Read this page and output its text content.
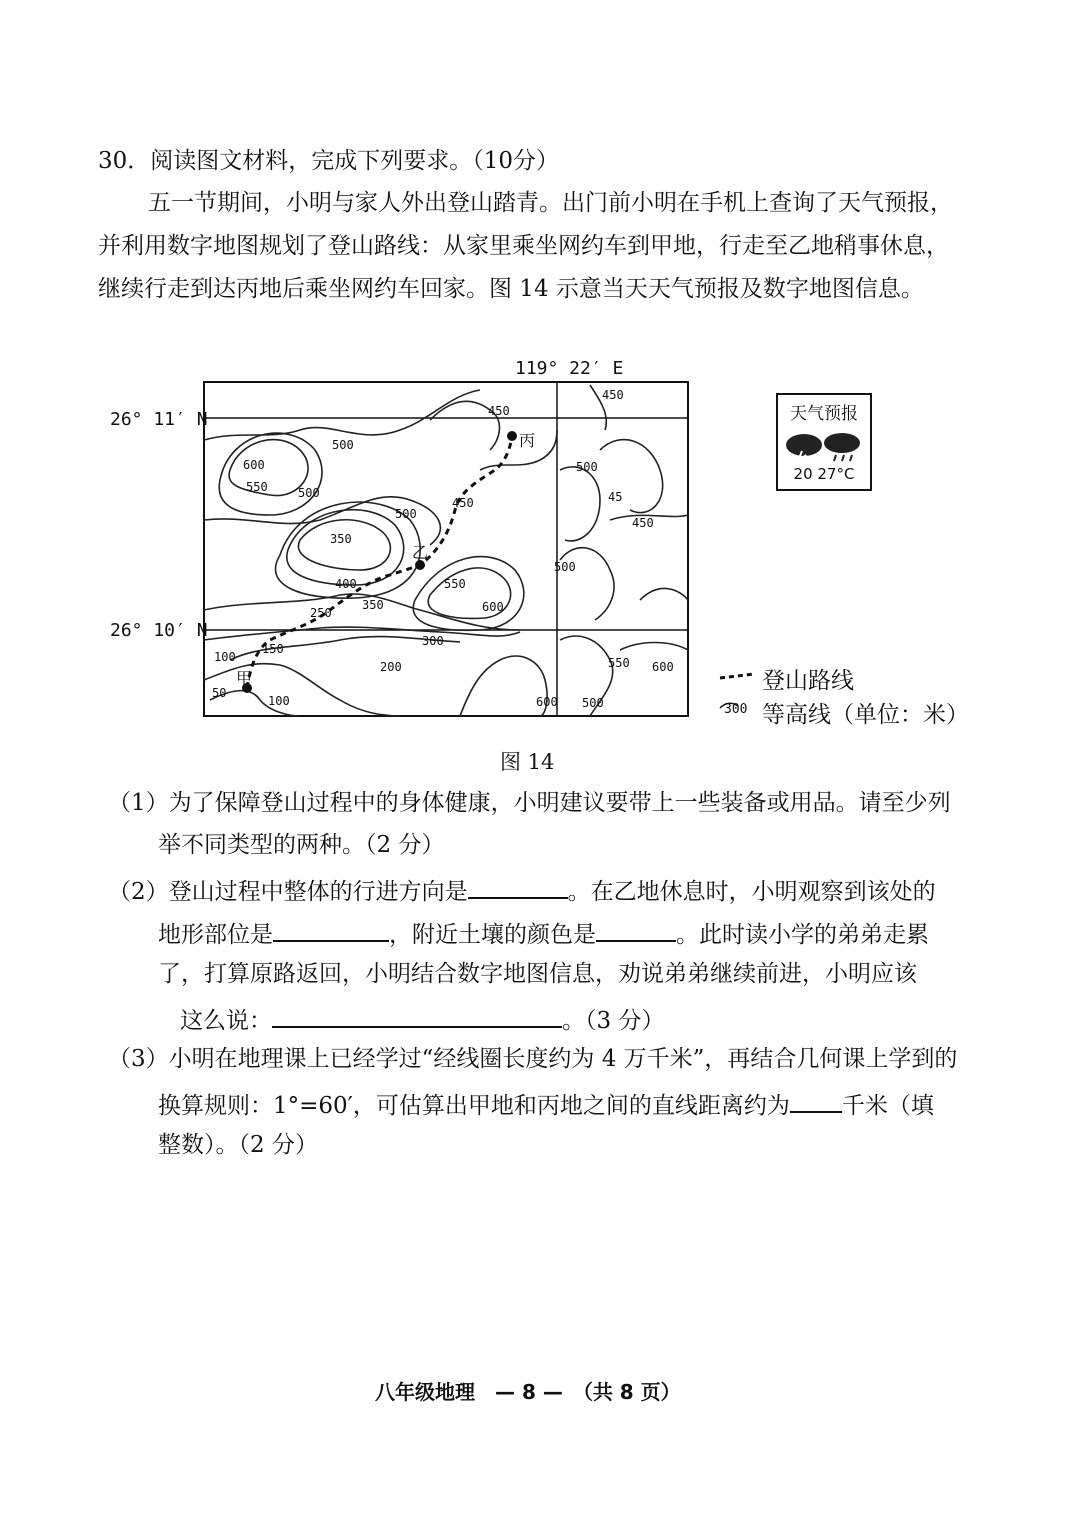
30．阅读图文材料，完成下列要求。（10分）
五一节期间，小明与家人外出登山踏青。出门前小明在手机上查询了天气预报，
并利用数字地图规划了登山路线：从家里乘坐网约车到甲地，行走至乙地稍事休息，
继续行走到达丙地后乘坐网约车回家。图 14 示意当天天气预报及数字地图信息。
119° 22′ E
26° 11′ N
26° 10′ N
甲
乙
丙
450
500
600
550	500
500
450
350
400	550
600
250
350
300
150
100
200
50
100
500
45
450
500
550 600
600 500
450
天气预报
20 27°C
登山路线
300 等高线（单位：米）
图 14
（1）为了保障登山过程中的身体健康，小明建议要带上一些装备或用品。请至少列
举不同类型的两种。（2 分）
（2）登山过程中整体的行进方向是	。在乙地休息时，小明观察到该处的
地形部位是	，附近土壤的颜色是	。此时读小学的弟弟走累
了，打算原路返回，小明结合数字地图信息，劝说弟弟继续前进，小明应该
这么说：	。（3 分）
（3）小明在地理课上已经学过“经线圈长度约为 4 万千米”，再结合几何课上学到的
换算规则：1°=60′，可估算出甲地和丙地之间的直线距离约为 千米（填
整数）。（2 分）
八年级地理　— 8 —　（共 8 页）
